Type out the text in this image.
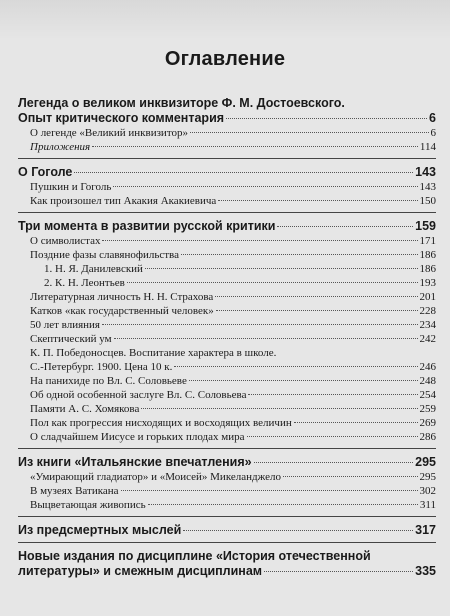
Оглавление
Легенда о великом инквизиторе Ф. М. Достоевского.
Опыт критического комментария	6
О легенде «Великий инквизитор»	6
Приложения	114
О Гоголе	143
Пушкин и Гоголь	143
Как произошел тип Акакия Акакиевича	150
Три момента в развитии русской критики	159
О символистах	171
Поздние фазы славянофильства	186
1. Н. Я. Данилевский	186
2. К. Н. Леонтьев	193
Литературная личность Н. Н. Страхова	201
Катков «как государственный человек»	228
50 лет влияния	234
Скептический ум	242
К. П. Победоносцев. Воспитание характера в школе.
С.-Петербург. 1900. Цена 10 к.	246
На панихиде по Вл. С. Соловьеве	248
Об одной особенной заслуге Вл. С. Соловьева	254
Памяти А. С. Хомякова	259
Пол как прогрессия нисходящих и восходящих величин	269
О сладчайшем Иисусе и горьких плодах мира	286
Из книги «Итальянские впечатления»	295
«Умирающий гладиатор» и «Моисей» Микеланджело	295
В музеях Ватикана	302
Выцветающая живопись	311
Из предсмертных мыслей	317
Новые издания по дисциплине «История отечественной
литературы» и смежным дисциплинам	335
